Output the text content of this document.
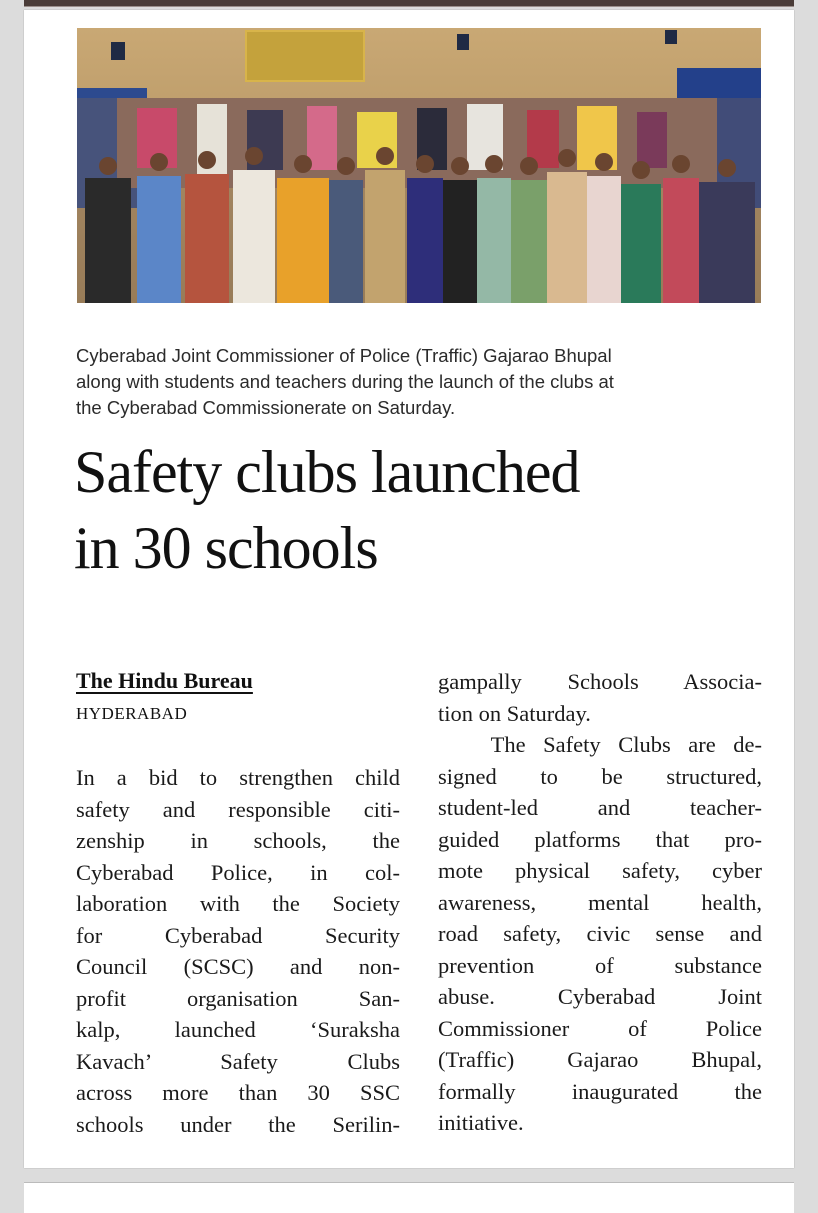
Cyberabad Joint Commissioner of Police (Traffic) Gajarao Bhupal
along with students and teachers during the launch of the clubs at
the Cyberabad Commissionerate on Saturday.

Safety clubs launched
in 30 schools

The Hindu Bureau

HYDERABAD

In a bid to strengthen child
safety and responsible citi-
zenship in schools, the
Cyberabad Police, in col-
laboration with the Society
for Cyberabad Security
Council (SCSC) and non-
profit organisation San-
kalp, launched ‘Suraksha
Kavach’ Safety Clubs
across more than 30 SSC
schools under the Serilin-
gampally Schools Associa-
tion on Saturday.
The Safety Clubs are de-
signed to be structured,
student-led and teacher-
guided platforms that pro-
mote physical safety, cyber
awareness, mental health,
road safety, civic sense and
prevention of substance
abuse. Cyberabad Joint
Commissioner of Police
(Traffic) Gajarao Bhupal,
formally inaugurated the
initiative.
